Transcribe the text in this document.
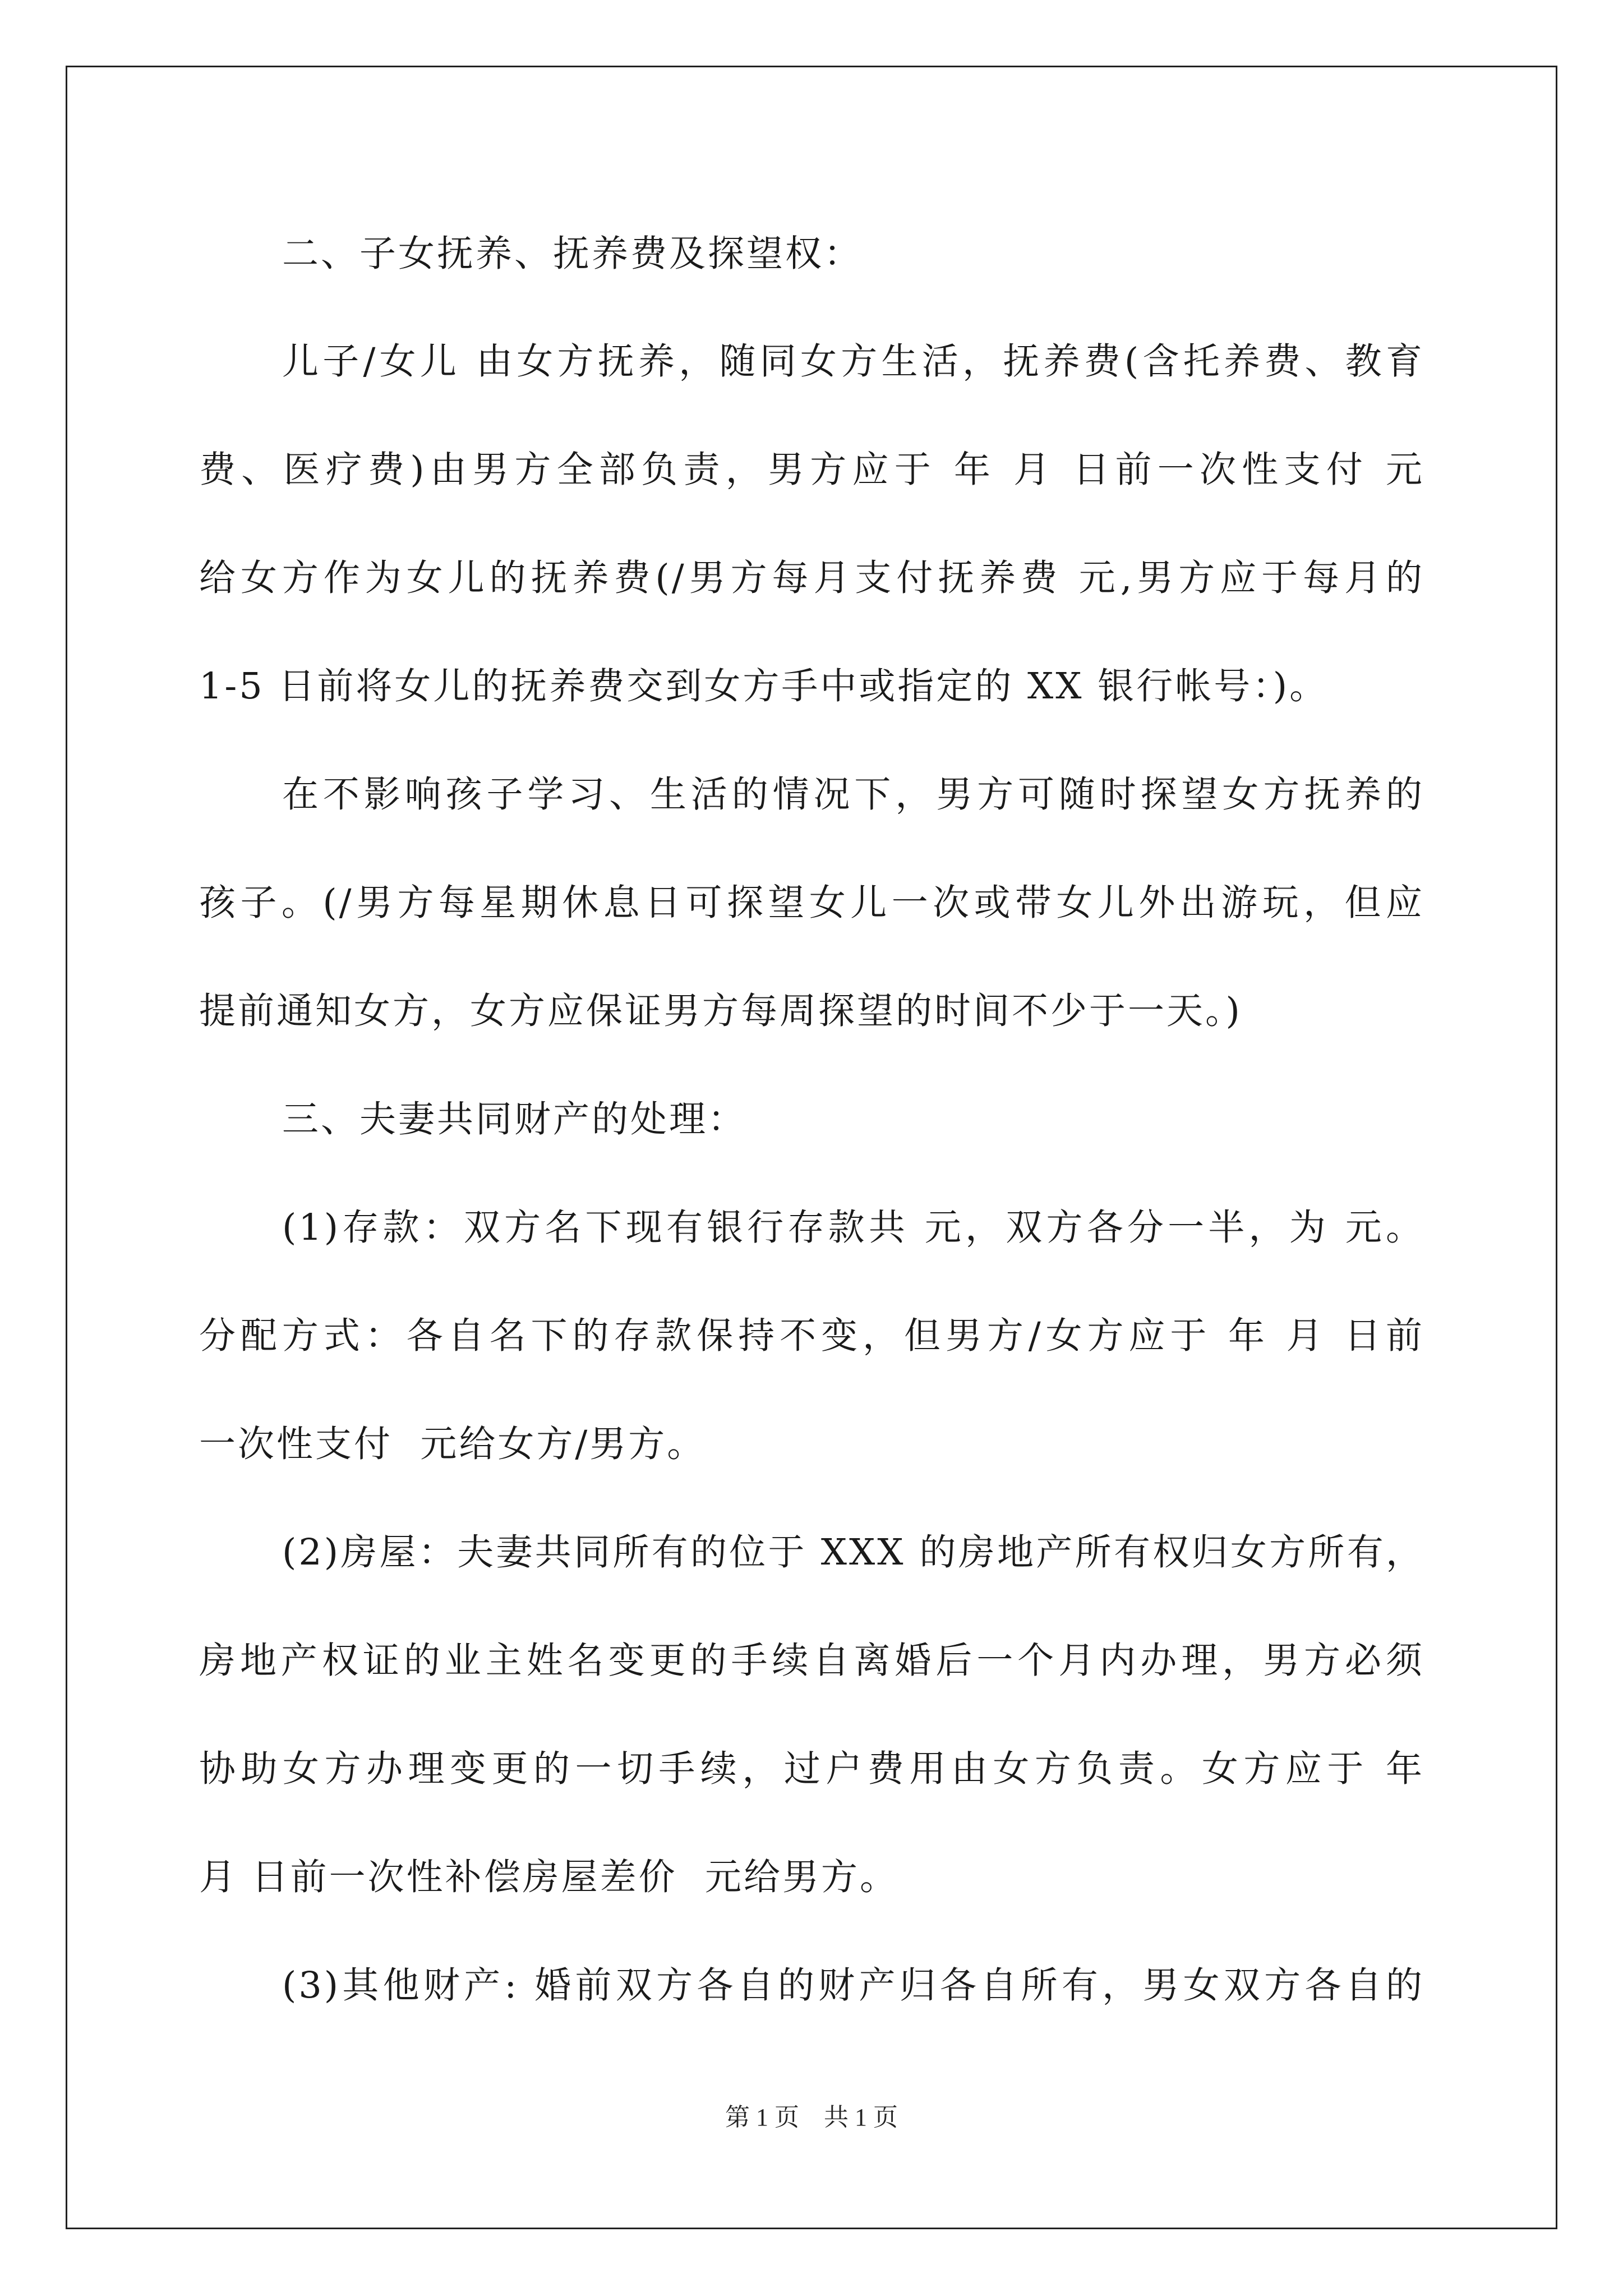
二、子女抚养、抚养费及探望权：

儿子/女儿 由女方抚养，随同女方生活，抚养费(含托养费、教育

费、医疗费)由男方全部负责，男方应于 年 月 日前一次性支付 元

给女方作为女儿的抚养费(/男方每月支付抚养费 元,男方应于每月的

1-5 日前将女儿的抚养费交到女方手中或指定的 XX 银行帐号：)。

在不影响孩子学习、生活的情况下，男方可随时探望女方抚养的

孩子。(/男方每星期休息日可探望女儿一次或带女儿外出游玩，但应

提前通知女方，女方应保证男方每周探望的时间不少于一天。)

三、夫妻共同财产的处理：

(1)存款：双方名下现有银行存款共 元，双方各分一半，为 元。

分配方式：各自名下的存款保持不变，但男方/女方应于 年 月 日前

一次性支付  元给女方/男方。

(2)房屋：夫妻共同所有的位于 XXX 的房地产所有权归女方所有，

房地产权证的业主姓名变更的手续自离婚后一个月内办理，男方必须

协助女方办理变更的一切手续，过户费用由女方负责。女方应于 年

月 日前一次性补偿房屋差价  元给男方。

(3)其他财产: 婚前双方各自的财产归各自所有，男女双方各自的

第 1 页　共 1 页
